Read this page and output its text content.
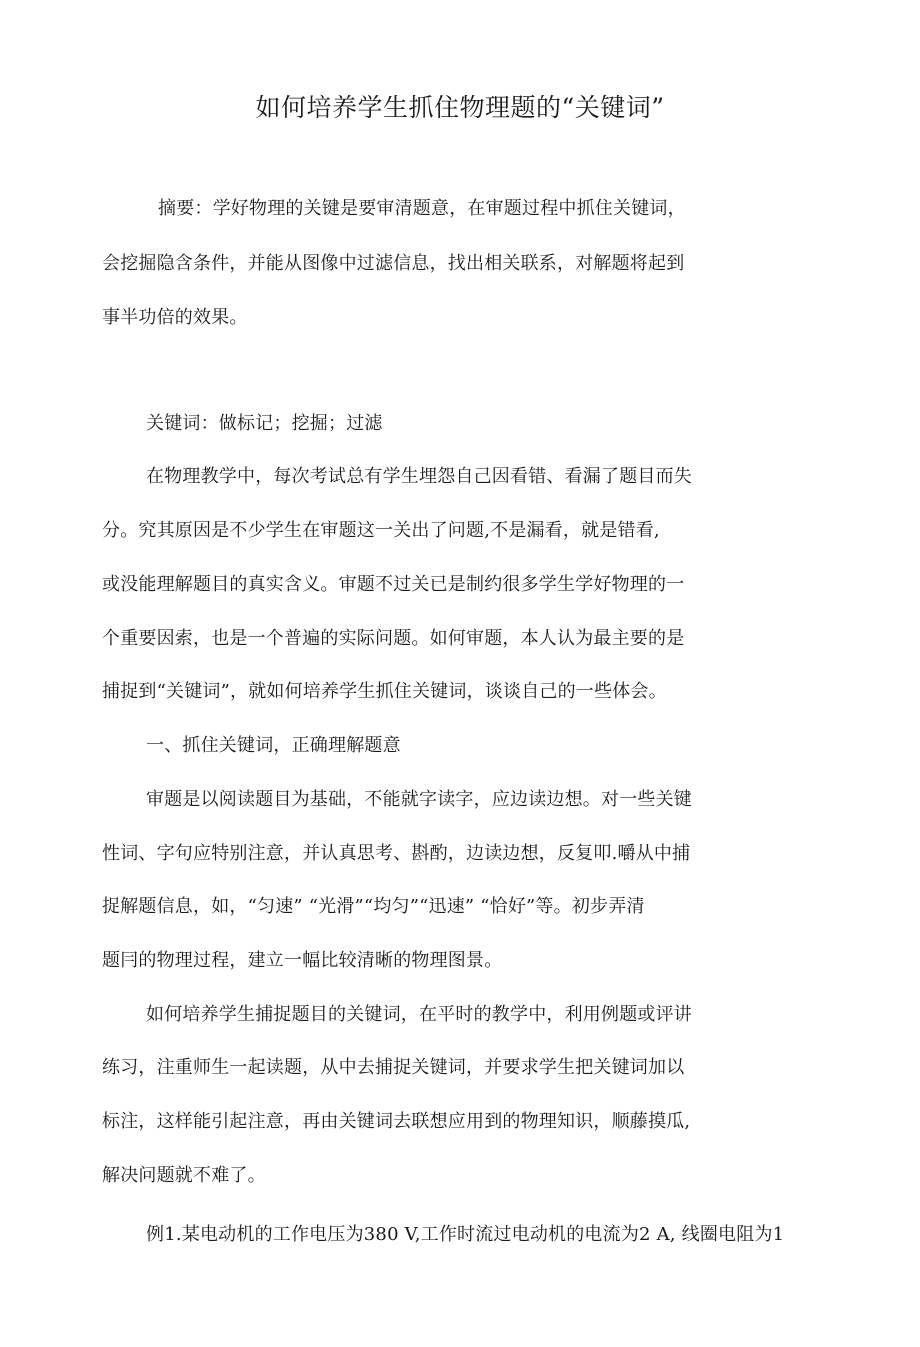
如何培养学生抓住物理题的“关键词”
摘要：学好物理的关键是要审清题意，在审题过程中抓住关键词，
会挖掘隐含条件，并能从图像中过滤信息，找出相关联系，对解题将起到
事半功倍的效果。
关键词：做标记；挖掘；过滤
在物理教学中，每次考试总有学生埋怨自己因看错、看漏了题目而失
分。究其原因是不少学生在审题这一关出了问题,不是漏看，就是错看,
或没能理解题目的真实含义。审题不过关已是制约很多学生学好物理的一
个重要因索，也是一个普遍的实际问题。如何审题，本人认为最主要的是
捕捉到“关键词”，就如何培养学生抓住关键词，谈谈自己的一些体会。
一、抓住关键词，正确理解题意
审题是以阅读题目为基础，不能就字读字，应边读边想。对一些关键
性词、字句应特别注意，并认真思考、斟酌，边读边想，反复叩.嚼从中捕
捉解题信息，如，“匀速” “光滑”“均匀”“迅速” “恰好”等。初步弄清
题冃的物理过程，建立一幅比较清晰的物理图景。
如何培养学生捕捉题目的关键词，在平时的教学中，利用例题或评讲
练习，注重师生一起读题，从中去捕捉关键词，并要求学生把关键词加以
标注，这样能引起注意，再由关键词去联想应用到的物理知识，顺藤摸瓜,
解决问题就不难了。
例1.某电动机的工作电压为380 V,工作时流过电动机的电流为2 A, 线圈电阻为1
